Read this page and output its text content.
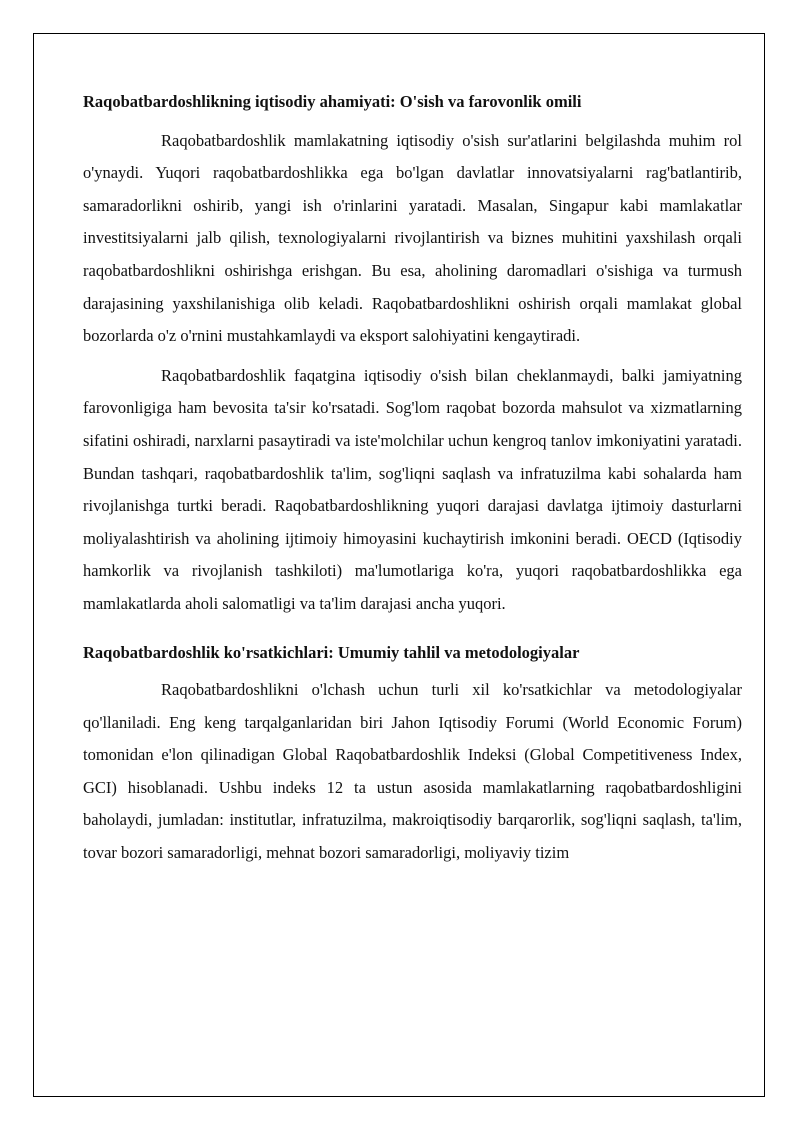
Raqobatbardoshlikning iqtisodiy ahamiyati: O'sish va farovonlik omili

Raqobatbardoshlik mamlakatning iqtisodiy o'sish sur'atlarini belgilashda muhim rol o'ynaydi. Yuqori raqobatbardoshlikka ega bo'lgan davlatlar innovatsiyalarni rag'batlantirib, samaradorlikni oshirib, yangi ish o'rinlarini yaratadi. Masalan, Singapur kabi mamlakatlar investitsiyalarni jalb qilish, texnologiyalarni rivojlantirish va biznes muhitini yaxshilash orqali raqobatbardoshlikni oshirishga erishgan. Bu esa, aholining daromadlari o'sishiga va turmush darajasining yaxshilanishiga olib keladi. Raqobatbardoshlikni oshirish orqali mamlakat global bozorlarda o'z o'rnini mustahkamlaydi va eksport salohiyatini kengaytiradi.

Raqobatbardoshlik faqatgina iqtisodiy o'sish bilan cheklanmaydi, balki jamiyatning farovonligiga ham bevosita ta'sir ko'rsatadi. Sog'lom raqobat bozorda mahsulot va xizmatlarning sifatini oshiradi, narxlarni pasaytiradi va iste'molchilar uchun kengroq tanlov imkoniyatini yaratadi. Bundan tashqari, raqobatbardoshlik ta'lim, sog'liqni saqlash va infratuzilma kabi sohalarda ham rivojlanishga turtki beradi. Raqobatbardoshlikning yuqori darajasi davlatga ijtimoiy dasturlarni moliyalashtirish va aholining ijtimoiy himoyasini kuchaytirish imkonini beradi. OECD (Iqtisodiy hamkorlik va rivojlanish tashkiloti) ma'lumotlariga ko'ra, yuqori raqobatbardoshlikka ega mamlakatlarda aholi salomatligi va ta'lim darajasi ancha yuqori.

Raqobatbardoshlik ko'rsatkichlari: Umumiy tahlil va metodologiyalar

Raqobatbardoshlikni o'lchash uchun turli xil ko'rsatkichlar va metodologiyalar qo'llaniladi. Eng keng tarqalganlaridan biri Jahon Iqtisodiy Forumi (World Economic Forum) tomonidan e'lon qilinadigan Global Raqobatbardoshlik Indeksi (Global Competitiveness Index, GCI) hisoblanadi. Ushbu indeks 12 ta ustun asosida mamlakatlarning raqobatbardoshligini baholaydi, jumladan: institutlar, infratuzilma, makroiqtisodiy barqarorlik, sog'liqni saqlash, ta'lim, tovar bozori samaradorligi, mehnat bozori samaradorligi, moliyaviy tizim
